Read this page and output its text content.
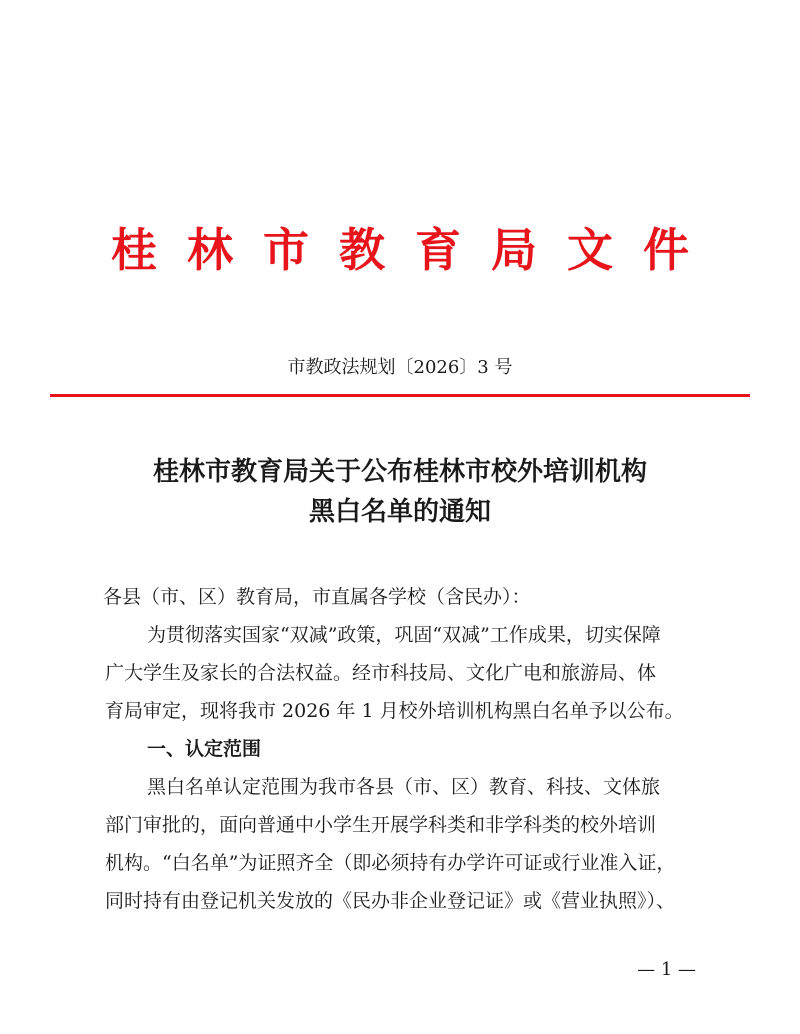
桂林市教育局文件
市教政法规划〔2026〕3 号
桂林市教育局关于公布桂林市校外培训机构
黑白名单的通知

各县（市、区）教育局，市直属各学校（含民办）：

为贯彻落实国家“双减”政策，巩固“双减”工作成果，切实保障

广大学生及家长的合法权益。经市科技局、文化广电和旅游局、体

育局审定，现将我市 2026 年 1 月校外培训机构黑白名单予以公布。

一、认定范围

黑白名单认定范围为我市各县（市、区）教育、科技、文体旅

部门审批的，面向普通中小学生开展学科类和非学科类的校外培训

机构。“白名单”为证照齐全（即必须持有办学许可证或行业准入证，

同时持有由登记机关发放的《民办非企业登记证》或《营业执照》）、

— 1 —
